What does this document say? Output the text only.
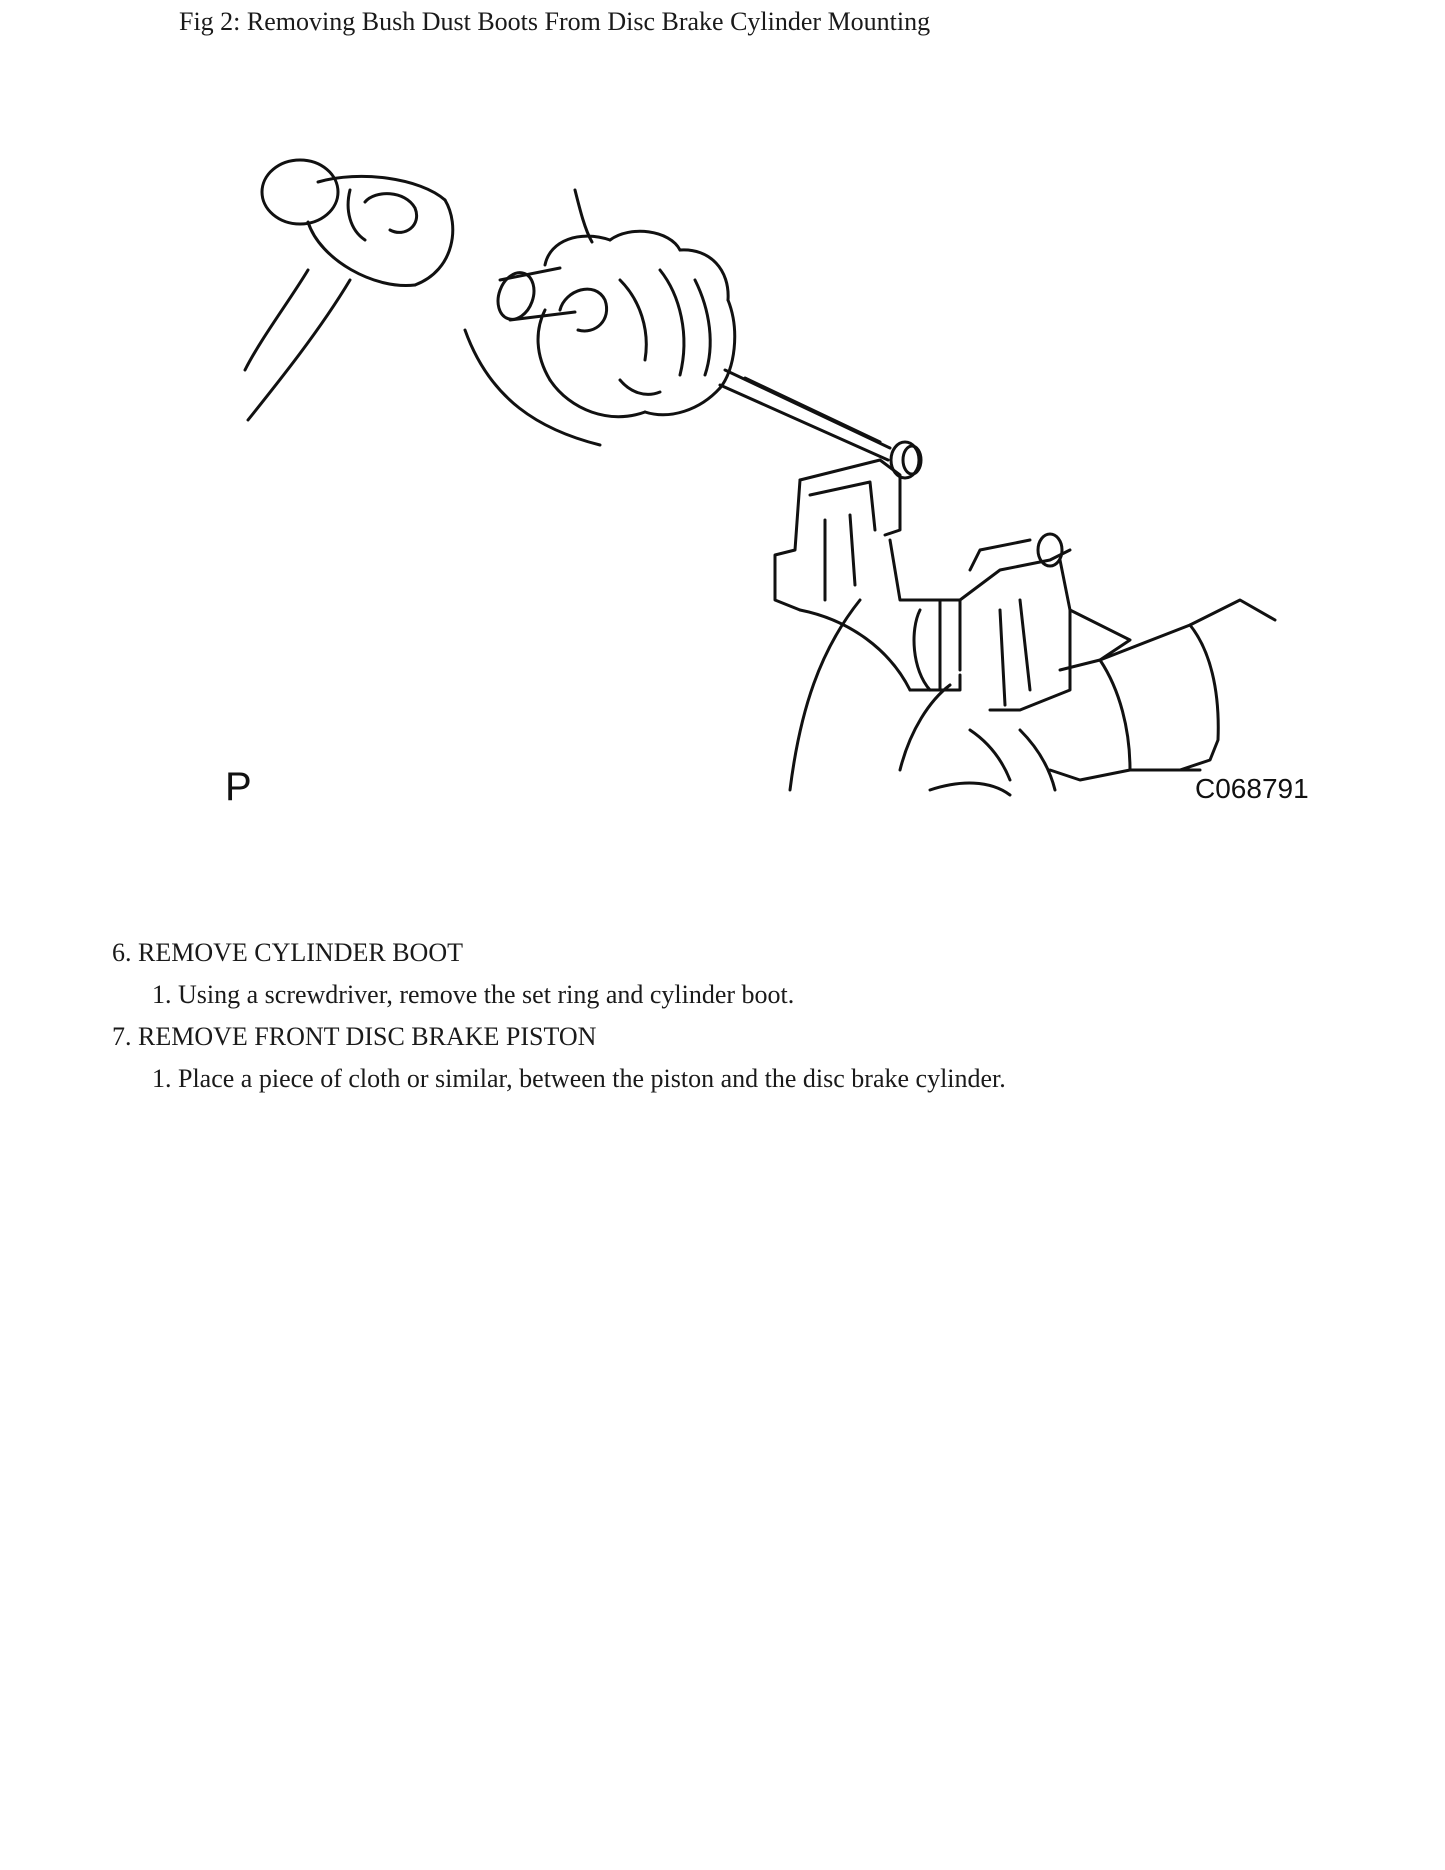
Fig 2: Removing Bush Dust Boots From Disc Brake Cylinder Mounting
P	C068791
6. REMOVE CYLINDER BOOT
1. Using a screwdriver, remove the set ring and cylinder boot.
7. REMOVE FRONT DISC BRAKE PISTON
1. Place a piece of cloth or similar, between the piston and the disc brake cylinder.
